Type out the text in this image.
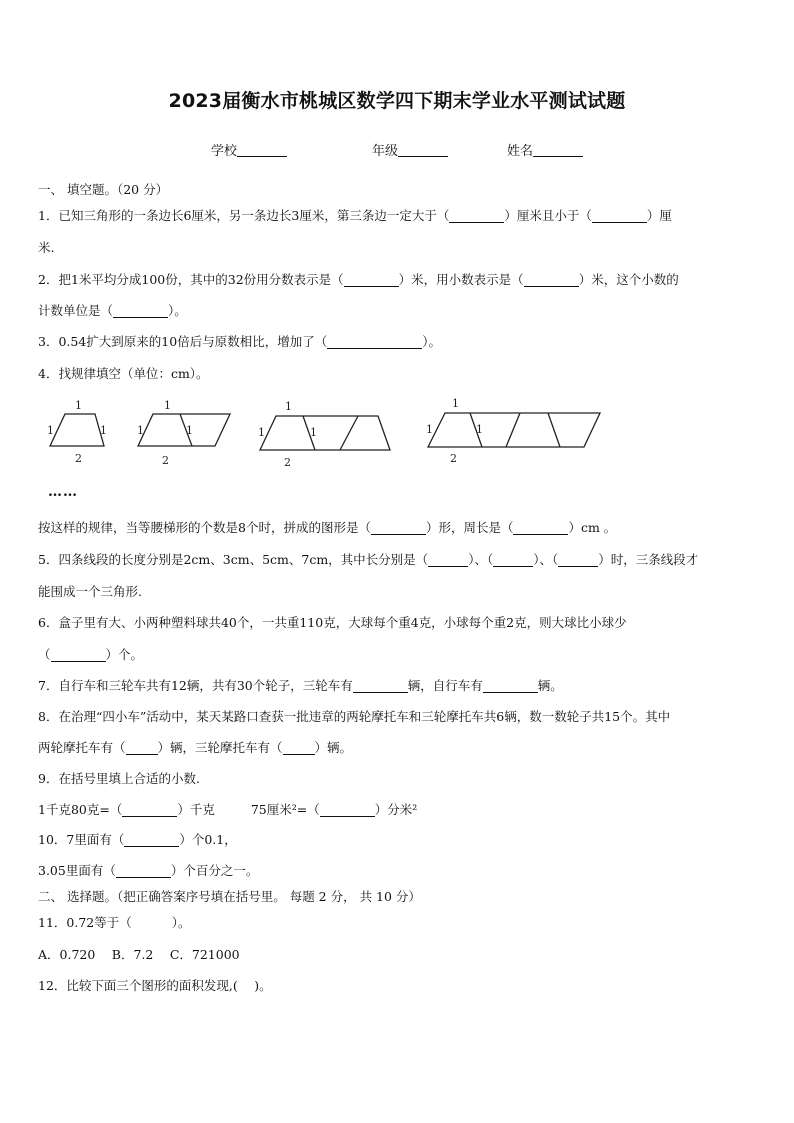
2023届衡水市桃城区数学四下期末学业水平测试试题
学校	年级	姓名
一、 填空题。（20 分）
1．已知三角形的一条边长6厘米，另一条边长3厘米，第三条边一定大于（	）厘米且小于（	）厘
米.
2．把1米平均分成100份，其中的32份用分数表示是（	）米，用小数表示是（	）米，这个小数的
计数单位是（	）。
3．0.54扩大到原来的10倍后与原数相比，增加了（	）。
4．找规律填空（单位：cm）。
1
1	1
2
1
1	1
2
1
1	1
2
1
1	1
2
……
按这样的规律，当等腰梯形的个数是8个时，拼成的图形是（	）形，周长是（	）cm 。
5．四条线段的长度分别是2cm、3cm、5cm、7cm，其中长分别是（	）、（	）、（	）时，三条线段才
能围成一个三角形.
6．盒子里有大、小两种塑料球共40个，一共重110克，大球每个重4克，小球每个重2克，则大球比小球少
（	）个。
7．自行车和三轮车共有12辆，共有30个轮子，三轮车有	辆，自行车有	辆。
8．在治理“四小车”活动中，某天某路口查获一批违章的两轮摩托车和三轮摩托车共6辆，数一数轮子共15个。其中
两轮摩托车有（	）辆，三轮摩托车有（	）辆。
9．在括号里填上合适的小数.
1千克80克=（	）千克	75厘米²=（	）分米²
10．7里面有（	）个0.1，
3.05里面有（	）个百分之一。
二、 选择题。（把正确答案序号填在括号里。 每题 2 分， 共 10 分）
11．0.72等于（	）。
A．0.720　 B．7.2　 C．721000
12．比较下面三个图形的面积发现,(　 )。
